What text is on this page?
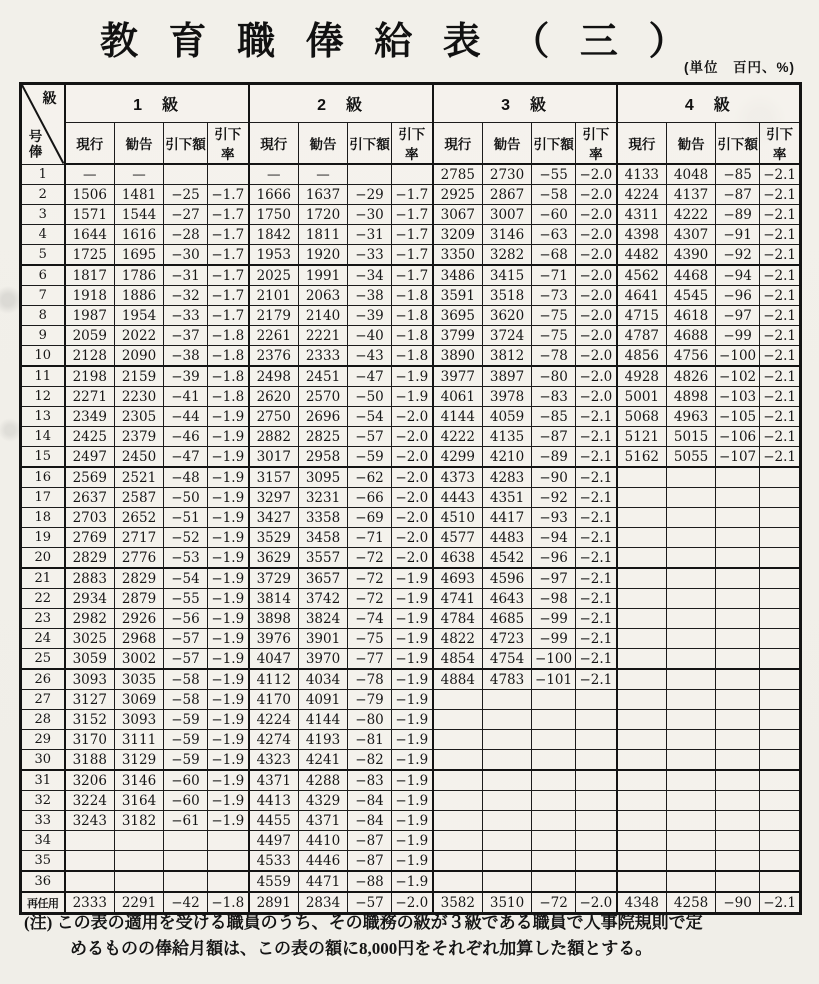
教 育 職 俸 給 表 （ 三 ）
(単位　百円、%)
級
号俸	1　級				2　級				3　級				4　級			
	現行	勧告	引下額	引下率	現行	勧告	引下額	引下率	現行	勧告	引下額	引下率	現行	勧告	引下額	引下率
1	—	—			—	—			2785	2730	−55	−2.0	4133	4048	−85	−2.1
2	1506	1481	−25	−1.7	1666	1637	−29	−1.7	2925	2867	−58	−2.0	4224	4137	−87	−2.1
3	1571	1544	−27	−1.7	1750	1720	−30	−1.7	3067	3007	−60	−2.0	4311	4222	−89	−2.1
4	1644	1616	−28	−1.7	1842	1811	−31	−1.7	3209	3146	−63	−2.0	4398	4307	−91	−2.1
5	1725	1695	−30	−1.7	1953	1920	−33	−1.7	3350	3282	−68	−2.0	4482	4390	−92	−2.1
6	1817	1786	−31	−1.7	2025	1991	−34	−1.7	3486	3415	−71	−2.0	4562	4468	−94	−2.1
7	1918	1886	−32	−1.7	2101	2063	−38	−1.8	3591	3518	−73	−2.0	4641	4545	−96	−2.1
8	1987	1954	−33	−1.7	2179	2140	−39	−1.8	3695	3620	−75	−2.0	4715	4618	−97	−2.1
9	2059	2022	−37	−1.8	2261	2221	−40	−1.8	3799	3724	−75	−2.0	4787	4688	−99	−2.1
10	2128	2090	−38	−1.8	2376	2333	−43	−1.8	3890	3812	−78	−2.0	4856	4756	−100	−2.1
11	2198	2159	−39	−1.8	2498	2451	−47	−1.9	3977	3897	−80	−2.0	4928	4826	−102	−2.1
12	2271	2230	−41	−1.8	2620	2570	−50	−1.9	4061	3978	−83	−2.0	5001	4898	−103	−2.1
13	2349	2305	−44	−1.9	2750	2696	−54	−2.0	4144	4059	−85	−2.1	5068	4963	−105	−2.1
14	2425	2379	−46	−1.9	2882	2825	−57	−2.0	4222	4135	−87	−2.1	5121	5015	−106	−2.1
15	2497	2450	−47	−1.9	3017	2958	−59	−2.0	4299	4210	−89	−2.1	5162	5055	−107	−2.1
16	2569	2521	−48	−1.9	3157	3095	−62	−2.0	4373	4283	−90	−2.1				
17	2637	2587	−50	−1.9	3297	3231	−66	−2.0	4443	4351	−92	−2.1				
18	2703	2652	−51	−1.9	3427	3358	−69	−2.0	4510	4417	−93	−2.1				
19	2769	2717	−52	−1.9	3529	3458	−71	−2.0	4577	4483	−94	−2.1				
20	2829	2776	−53	−1.9	3629	3557	−72	−2.0	4638	4542	−96	−2.1				
21	2883	2829	−54	−1.9	3729	3657	−72	−1.9	4693	4596	−97	−2.1				
22	2934	2879	−55	−1.9	3814	3742	−72	−1.9	4741	4643	−98	−2.1				
23	2982	2926	−56	−1.9	3898	3824	−74	−1.9	4784	4685	−99	−2.1				
24	3025	2968	−57	−1.9	3976	3901	−75	−1.9	4822	4723	−99	−2.1				
25	3059	3002	−57	−1.9	4047	3970	−77	−1.9	4854	4754	−100	−2.1				
26	3093	3035	−58	−1.9	4112	4034	−78	−1.9	4884	4783	−101	−2.1				
27	3127	3069	−58	−1.9	4170	4091	−79	−1.9								
28	3152	3093	−59	−1.9	4224	4144	−80	−1.9								
29	3170	3111	−59	−1.9	4274	4193	−81	−1.9								
30	3188	3129	−59	−1.9	4323	4241	−82	−1.9								
31	3206	3146	−60	−1.9	4371	4288	−83	−1.9								
32	3224	3164	−60	−1.9	4413	4329	−84	−1.9								
33	3243	3182	−61	−1.9	4455	4371	−84	−1.9								
34					4497	4410	−87	−1.9								
35					4533	4446	−87	−1.9								
36					4559	4471	−88	−1.9								
再任用	2333	2291	−42	−1.8	2891	2834	−57	−2.0	3582	3510	−72	−2.0	4348	4258	−90	−2.1
(注) この表の適用を受ける職員のうち、その職務の級が３級である職員で人事院規則で定
めるものの俸給月額は、この表の額に8,000円をそれぞれ加算した額とする。
